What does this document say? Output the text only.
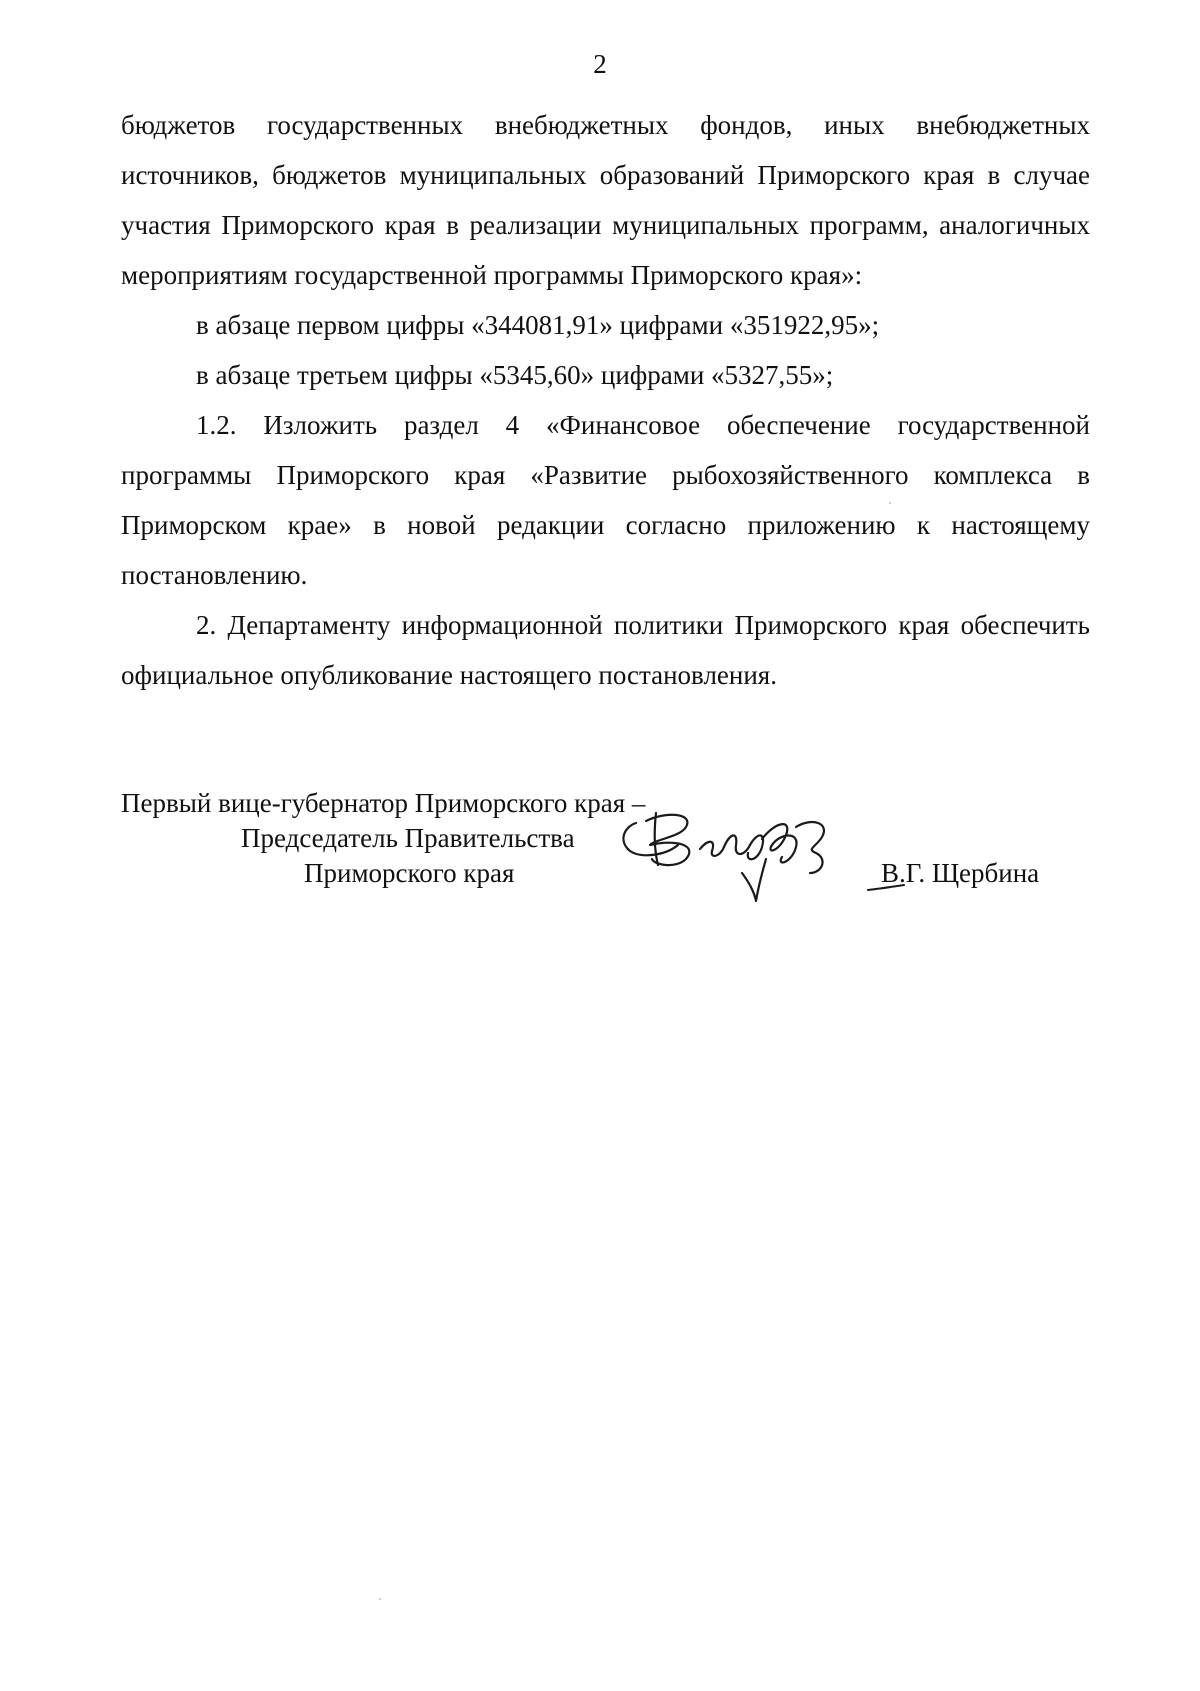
2

бюджетов государственных внебюджетных фондов, иных внебюджетных источников, бюджетов муниципальных образований Приморского края в случае участия Приморского края в реализации муниципальных программ, аналогичных мероприятиям государственной программы Приморского края»:

в абзаце первом цифры «344081,91» цифрами «351922,95»;

в абзаце третьем цифры «5345,60» цифрами «5327,55»;

1.2. Изложить раздел 4 «Финансовое обеспечение государственной программы Приморского края «Развитие рыбохозяйственного комплекса в Приморском крае» в новой редакции согласно приложению к настоящему постановлению.

2. Департаменту информационной политики Приморского края обеспечить официальное опубликование настоящего постановления.

Первый вице-губернатор Приморского края –
Председатель Правительства
Приморского края	В.Г. Щербина
